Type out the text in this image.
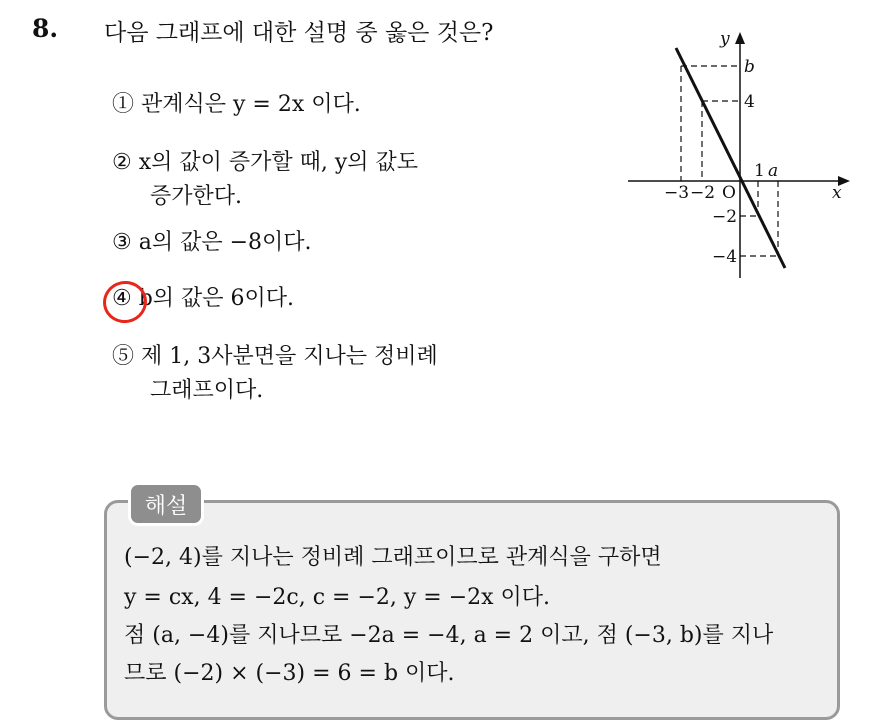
8. 다음 그래프에 대한 설명 중 옳은 것은?
① 관계식은 y = 2x 이다.
② x의 값이 증가할 때, y의 값도
증가한다.
③ a의 값은 −8이다.
④ b의 값은 6이다.
⑤ 제 1, 3사분면을 지나는 정비례
그래프이다.
y
x
b
4
1 a
−3 −2 O
−2
−4
해설
(−2, 4)를 지나는 정비례 그래프이므로 관계식을 구하면
y = cx, 4 = −2c, c = −2, y = −2x 이다.
점 (a, −4)를 지나므로 −2a = −4, a = 2 이고, 점 (−3, b)를 지나
므로 (−2) × (−3) = 6 = b 이다.
